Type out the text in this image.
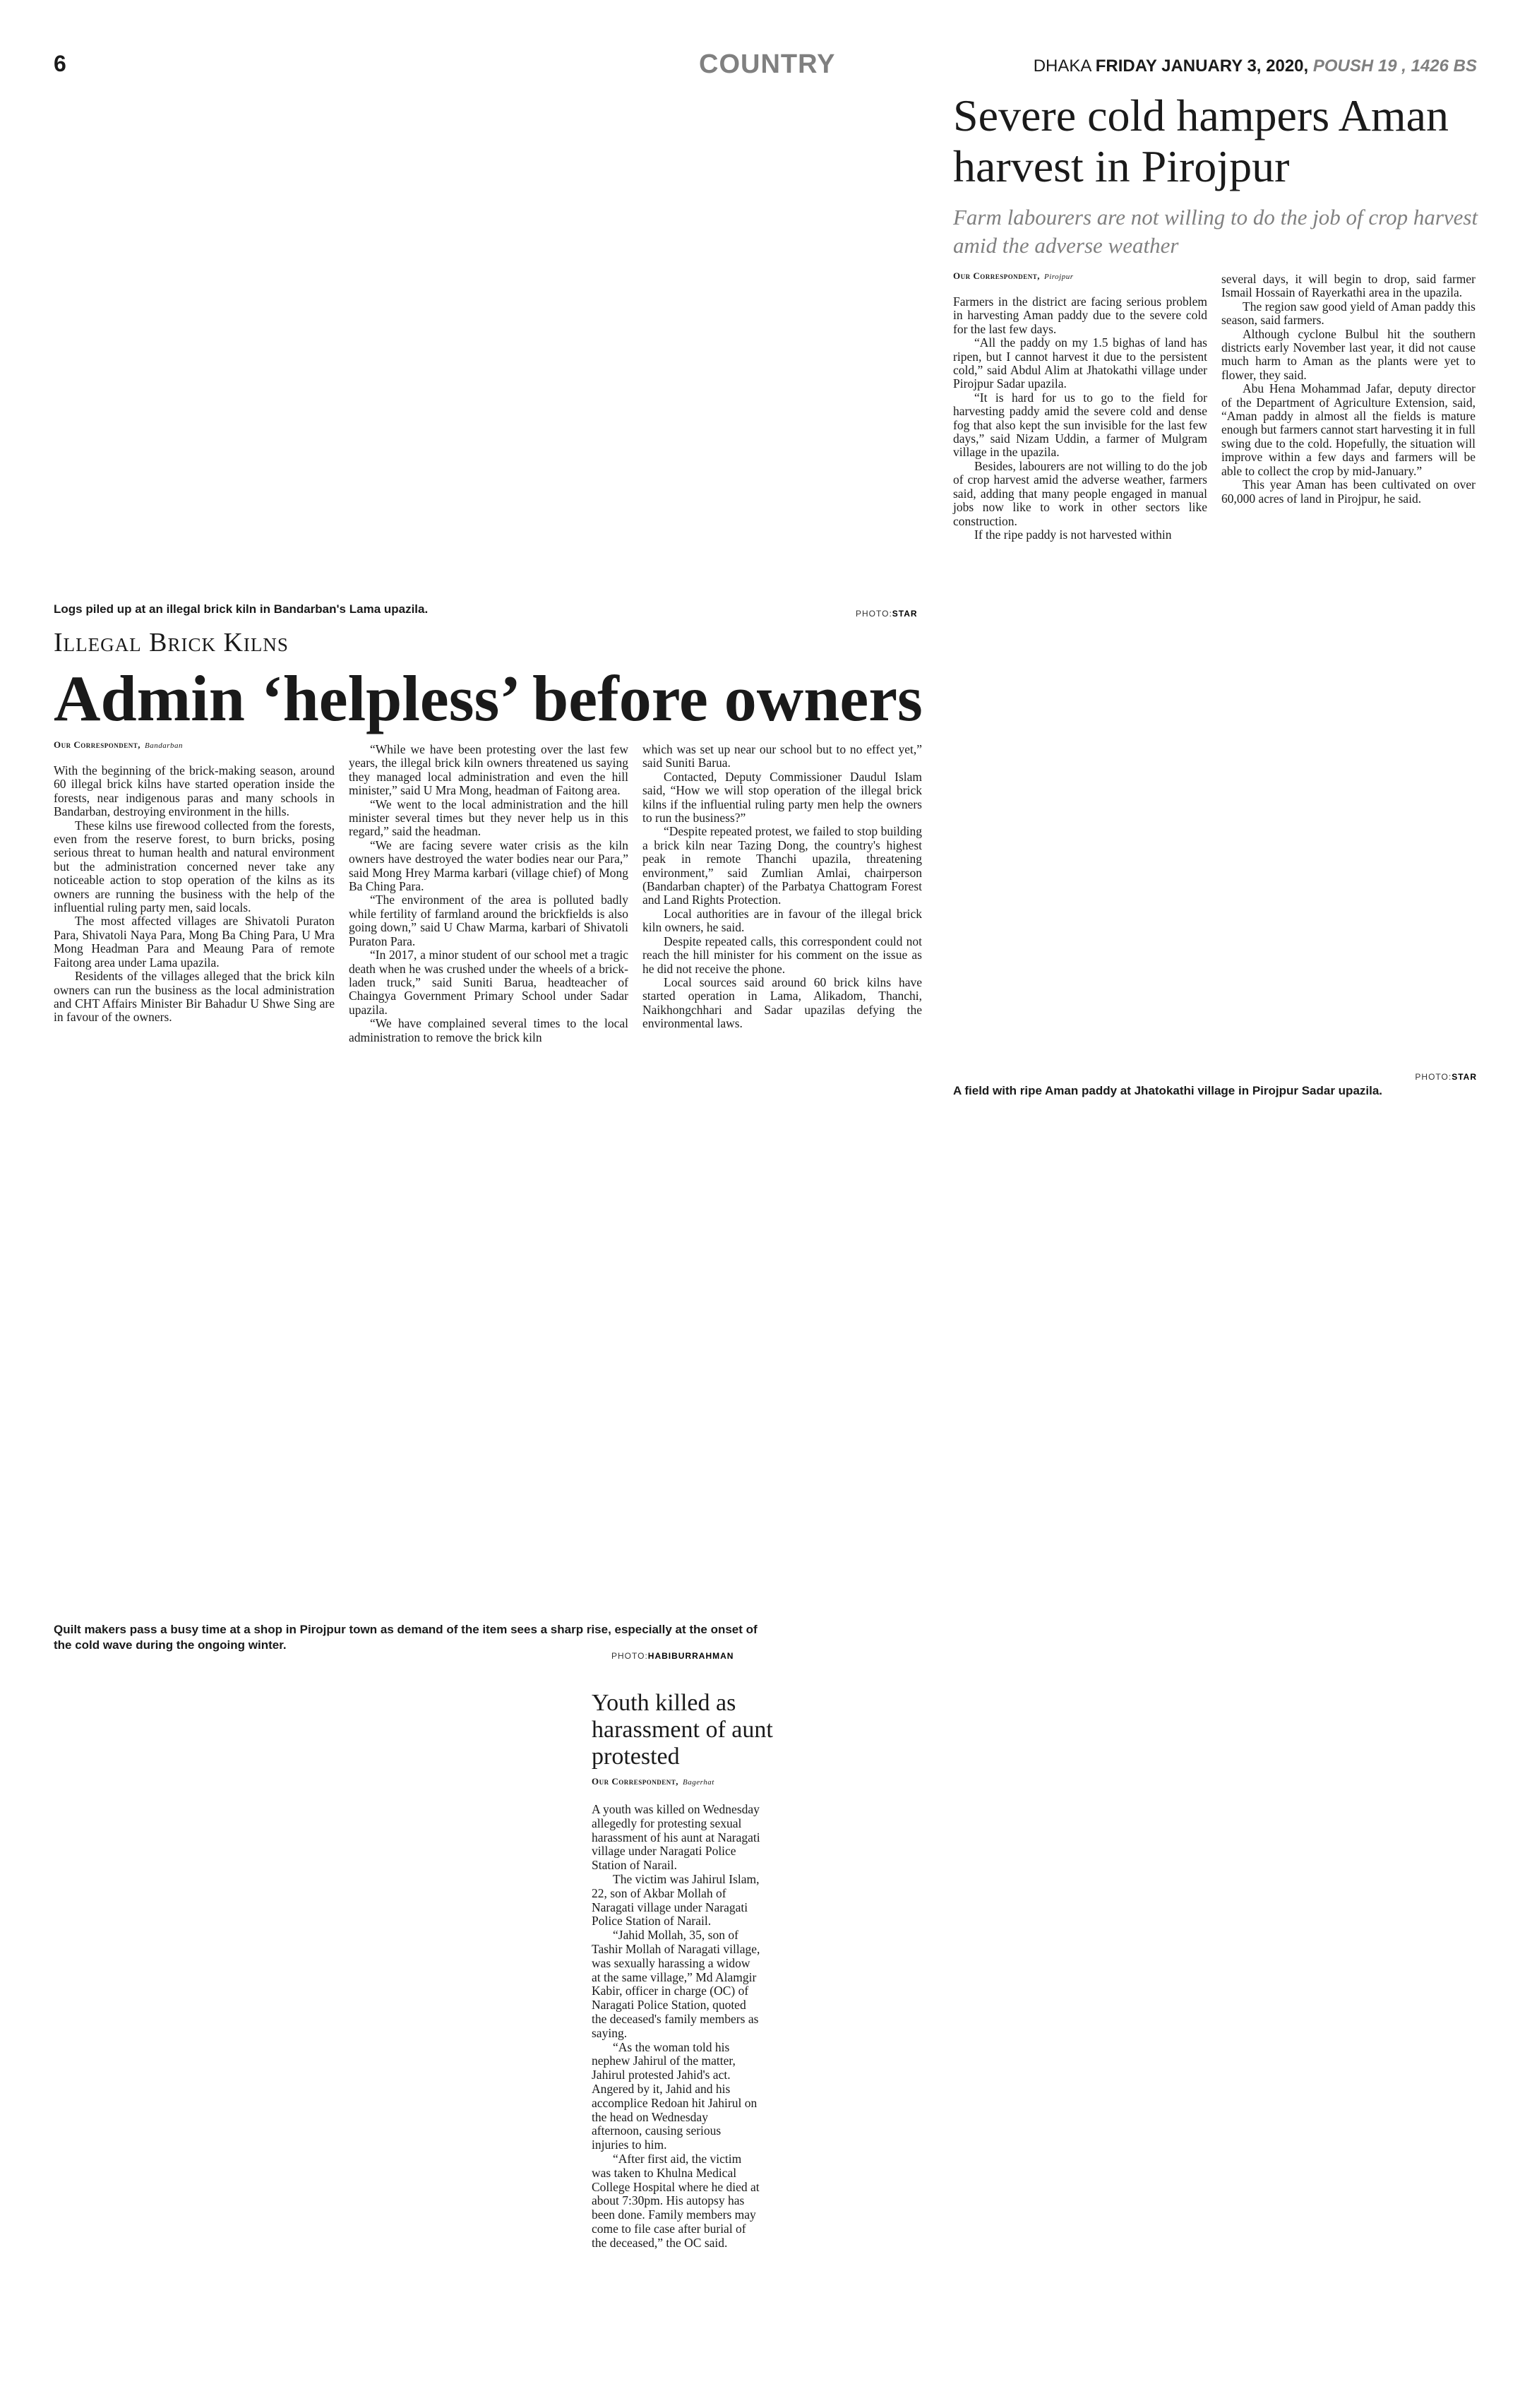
6	COUNTRY	DHAKA FRIDAY JANUARY 3, 2020, POUSH 19 , 1426 BS
Severe cold hampers Aman harvest in Pirojpur
Farm labourers are not willing to do the job of crop harvest amid the adverse weather
Our Correspondent, Pirojpur

Farmers in the district are facing serious problem in harvesting Aman paddy due to the severe cold for the last few days.

“All the paddy on my 1.5 bighas of land has ripen, but I cannot harvest it due to the persistent cold,” said Abdul Alim at Jhatokathi village under Pirojpur Sadar upazila.

“It is hard for us to go to the field for harvesting paddy amid the severe cold and dense fog that also kept the sun invisible for the last few days,” said Nizam Uddin, a farmer of Mulgram village in the upazila.

Besides, labourers are not willing to do the job of crop harvest amid the adverse weather, farmers said, adding that many people engaged in manual jobs now like to work in other sectors like construction.

If the ripe paddy is not harvested within

several days, it will begin to drop, said farmer Ismail Hossain of Rayerkathi area in the upazila.

The region saw good yield of Aman paddy this season, said farmers.

Although cyclone Bulbul hit the southern districts early November last year, it did not cause much harm to Aman as the plants were yet to flower, they said.

Abu Hena Mohammad Jafar, deputy director of the Department of Agriculture Extension, said, “Aman paddy in almost all the fields is mature enough but farmers cannot start harvesting it in full swing due to the cold. Hopefully, the situation will improve within a few days and farmers will be able to collect the crop by mid-January.”

This year Aman has been cultivated on over 60,000 acres of land in Pirojpur, he said.

PHOTO:STAR
A field with ripe Aman paddy at Jhatokathi village in Pirojpur Sadar upazila.
Logs piled up at an illegal brick kiln in Bandarban's Lama upazila.	PHOTO:STAR
Illegal Brick Kilns
Admin ‘helpless’ before owners
Our Correspondent, Bandarban

With the beginning of the brick-making season, around 60 illegal brick kilns have started operation inside the forests, near indigenous paras and many schools in Bandarban, destroying environment in the hills.

These kilns use firewood collected from the forests, even from the reserve forest, to burn bricks, posing serious threat to human health and natural environment but the administration concerned never take any noticeable action to stop operation of the kilns as its owners are running the business with the help of the influential ruling party men, said locals.

The most affected villages are Shivatoli Puraton Para, Shivatoli Naya Para, Mong Ba Ching Para, U Mra Mong Headman Para and Meaung Para of remote Faitong area under Lama upazila.

Residents of the villages alleged that the brick kiln owners can run the business as the local administration and CHT Affairs Minister Bir Bahadur U Shwe Sing are in favour of the owners.

“While we have been protesting over the last few years, the illegal brick kiln owners threatened us saying they managed local administration and even the hill minister,” said U Mra Mong, headman of Faitong area.

“We went to the local administration and the hill minister several times but they never help us in this regard,” said the headman.

“We are facing severe water crisis as the kiln owners have destroyed the water bodies near our Para,” said Mong Hrey Marma karbari (village chief) of Mong Ba Ching Para.

“The environment of the area is polluted badly while fertility of farmland around the brickfields is also going down,” said U Chaw Marma, karbari of Shivatoli Puraton Para.

“In 2017, a minor student of our school met a tragic death when he was crushed under the wheels of a brick-laden truck,” said Suniti Barua, headteacher of Chaingya Government Primary School under Sadar upazila.

“We have complained several times to the local administration to remove the brick kiln

which was set up near our school but to no effect yet,” said Suniti Barua.

Contacted, Deputy Commissioner Daudul Islam said, “How we will stop operation of the illegal brick kilns if the influential ruling party men help the owners to run the business?”

“Despite repeated protest, we failed to stop building a brick kiln near Tazing Dong, the country's highest peak in remote Thanchi upazila, threatening environment,” said Zumlian Amlai, chairperson (Bandarban chapter) of the Parbatya Chattogram Forest and Land Rights Protection.

Local authorities are in favour of the illegal brick kiln owners, he said.

Despite repeated calls, this correspondent could not reach the hill minister for his comment on the issue as he did not receive the phone.

Local sources said around 60 brick kilns have started operation in Lama, Alikadom, Thanchi, Naikhongchhari and Sadar upazilas defying the environmental laws.

Quilt makers pass a busy time at a shop in Pirojpur town as demand of the item sees a sharp rise, especially at the onset of the cold wave during the ongoing winter.
PHOTO:HABIBURRAHMAN
Youth killed as harassment of aunt protested
Our Correspondent, Bagerhat

A youth was killed on Wednesday allegedly for protesting sexual harassment of his aunt at Naragati village under Naragati Police Station of Narail.

The victim was Jahirul Islam, 22, son of Akbar Mollah of Naragati village under Naragati Police Station of Narail.

“Jahid Mollah, 35, son of Tashir Mollah of Naragati village, was sexually harassing a widow at the same village,” Md Alamgir Kabir, officer in charge (OC) of Naragati Police Station, quoted the deceased's family members as saying.

“As the woman told his nephew Jahirul of the matter, Jahirul protested Jahid's act. Angered by it, Jahid and his accomplice Redoan hit Jahirul on the head on Wednesday afternoon, causing serious injuries to him.

“After first aid, the victim was taken to Khulna Medical College Hospital where he died at about 7:30pm. His autopsy has been done. Family members may come to file case after burial of the deceased,” the OC said.
